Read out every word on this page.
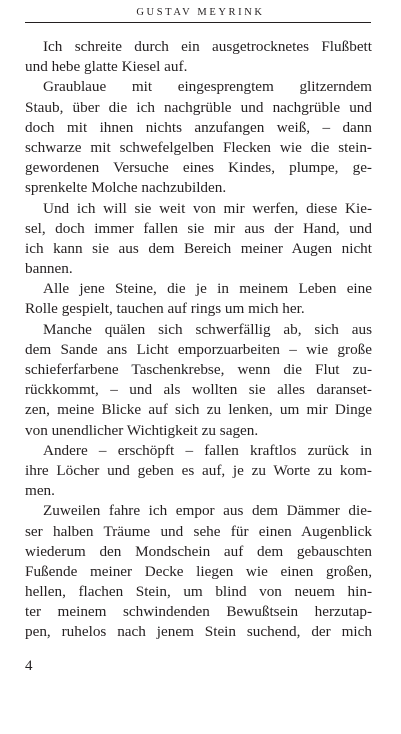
GUSTAV MEYRINK
Ich schreite durch ein ausgetrocknetes Flußbett
und hebe glatte Kiesel auf.
Graublaue mit eingesprengtem glitzerndem
Staub, über die ich nachgrüble und nachgrüble und
doch mit ihnen nichts anzufangen weiß, – dann
schwarze mit schwefelgelben Flecken wie die stein-
gewordenen Versuche eines Kindes, plumpe, ge-
sprenkelte Molche nachzubilden.
Und ich will sie weit von mir werfen, diese Kie-
sel, doch immer fallen sie mir aus der Hand, und
ich kann sie aus dem Bereich meiner Augen nicht
bannen.
Alle jene Steine, die je in meinem Leben eine
Rolle gespielt, tauchen auf rings um mich her.
Manche quälen sich schwerfällig ab, sich aus
dem Sande ans Licht emporzuarbeiten – wie große
schieferfarbene Taschenkrebse, wenn die Flut zu-
rückkommt, – und als wollten sie alles daranset-
zen, meine Blicke auf sich zu lenken, um mir Dinge
von unendlicher Wichtigkeit zu sagen.
Andere – erschöpft – fallen kraftlos zurück in
ihre Löcher und geben es auf, je zu Worte zu kom-
men.
Zuweilen fahre ich empor aus dem Dämmer die-
ser halben Träume und sehe für einen Augenblick
wiederum den Mondschein auf dem gebauschten
Fußende meiner Decke liegen wie einen großen,
hellen, flachen Stein, um blind von neuem hin-
ter meinem schwindenden Bewußtsein herzutap-
pen, ruhelos nach jenem Stein suchend, der mich
4
